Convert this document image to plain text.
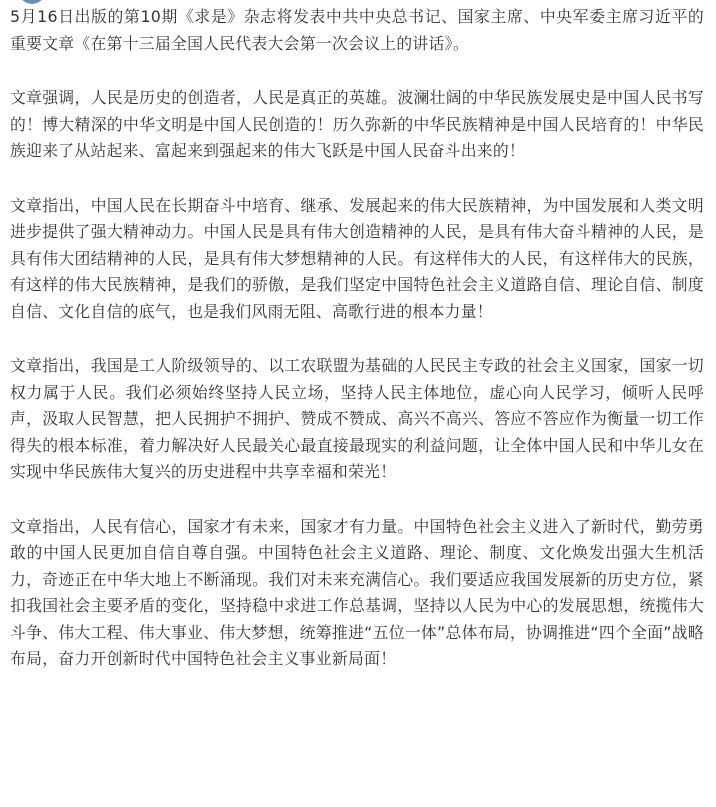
5月16日出版的第10期《求是》杂志将发表中共中央总书记、国家主席、中央军委主席习近平的重要文章《在第十三届全国人民代表大会第一次会议上的讲话》。

文章强调，人民是历史的创造者，人民是真正的英雄。波澜壮阔的中华民族发展史是中国人民书写的！博大精深的中华文明是中国人民创造的！历久弥新的中华民族精神是中国人民培育的！中华民族迎来了从站起来、富起来到强起来的伟大飞跃是中国人民奋斗出来的！

文章指出，中国人民在长期奋斗中培育、继承、发展起来的伟大民族精神，为中国发展和人类文明进步提供了强大精神动力。中国人民是具有伟大创造精神的人民，是具有伟大奋斗精神的人民，是具有伟大团结精神的人民，是具有伟大梦想精神的人民。有这样伟大的人民，有这样伟大的民族，有这样的伟大民族精神，是我们的骄傲，是我们坚定中国特色社会主义道路自信、理论自信、制度自信、文化自信的底气，也是我们风雨无阻、高歌行进的根本力量！

文章指出，我国是工人阶级领导的、以工农联盟为基础的人民民主专政的社会主义国家，国家一切权力属于人民。我们必须始终坚持人民立场，坚持人民主体地位，虚心向人民学习，倾听人民呼声，汲取人民智慧，把人民拥护不拥护、赞成不赞成、高兴不高兴、答应不答应作为衡量一切工作得失的根本标准，着力解决好人民最关心最直接最现实的利益问题，让全体中国人民和中华儿女在实现中华民族伟大复兴的历史进程中共享幸福和荣光！

文章指出，人民有信心，国家才有未来，国家才有力量。中国特色社会主义进入了新时代，勤劳勇敢的中国人民更加自信自尊自强。中国特色社会主义道路、理论、制度、文化焕发出强大生机活力，奇迹正在中华大地上不断涌现。我们对未来充满信心。我们要适应我国发展新的历史方位，紧扣我国社会主要矛盾的变化，坚持稳中求进工作总基调，坚持以人民为中心的发展思想，统揽伟大斗争、伟大工程、伟大事业、伟大梦想，统筹推进“五位一体”总体布局，协调推进“四个全面”战略布局，奋力开创新时代中国特色社会主义事业新局面！
